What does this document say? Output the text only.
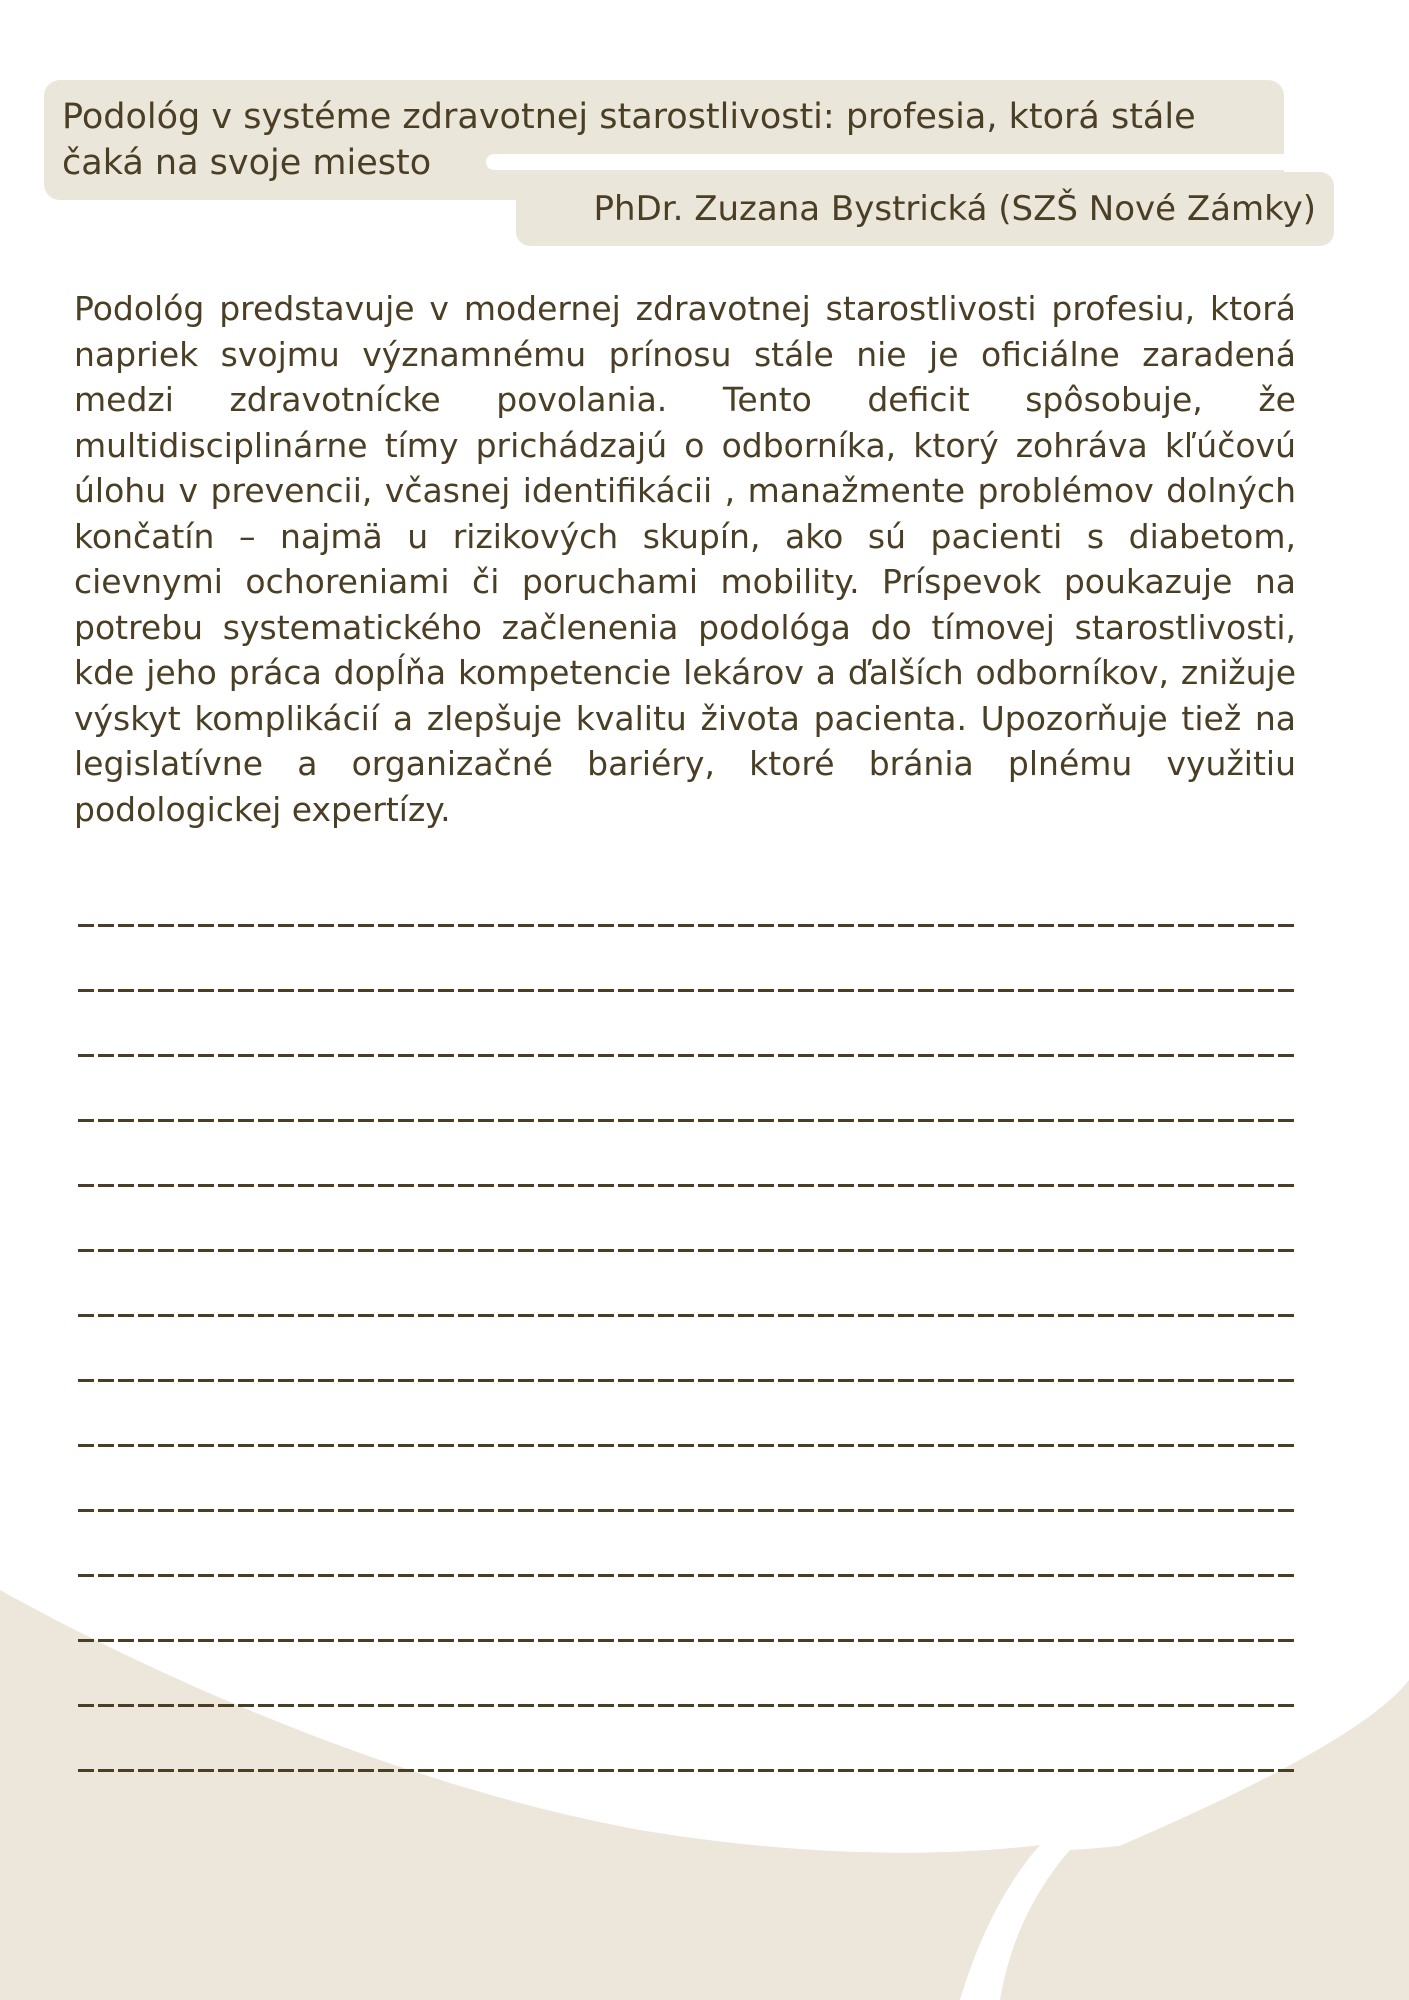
Podológ v systéme zdravotnej starostlivosti: profesia, ktorá stále čaká na svoje miesto
PhDr. Zuzana Bystrická (SZŠ Nové Zámky)

Podológ predstavuje v modernej zdravotnej starostlivosti profesiu, ktorá napriek svojmu významnému prínosu stále nie je oficiálne zaradená medzi zdravotnícke povolania. Tento deficit spôsobuje, že multidisciplinárne tímy prichádzajú o odborníka, ktorý zohráva kľúčovú úlohu v prevencii, včasnej identifikácii , manažmente problémov dolných končatín – najmä u rizikových skupín, ako sú pacienti s diabetom, cievnymi ochoreniami či poruchami mobility. Príspevok poukazuje na potrebu systematického začlenenia podológa do tímovej starostlivosti, kde jeho práca dopĺňa kompetencie lekárov a ďalších odborníkov, znižuje výskyt komplikácií a zlepšuje kvalitu života pacienta. Upozorňuje tiež na legislatívne a organizačné bariéry, ktoré bránia plnému využitiu podologickej expertízy.
